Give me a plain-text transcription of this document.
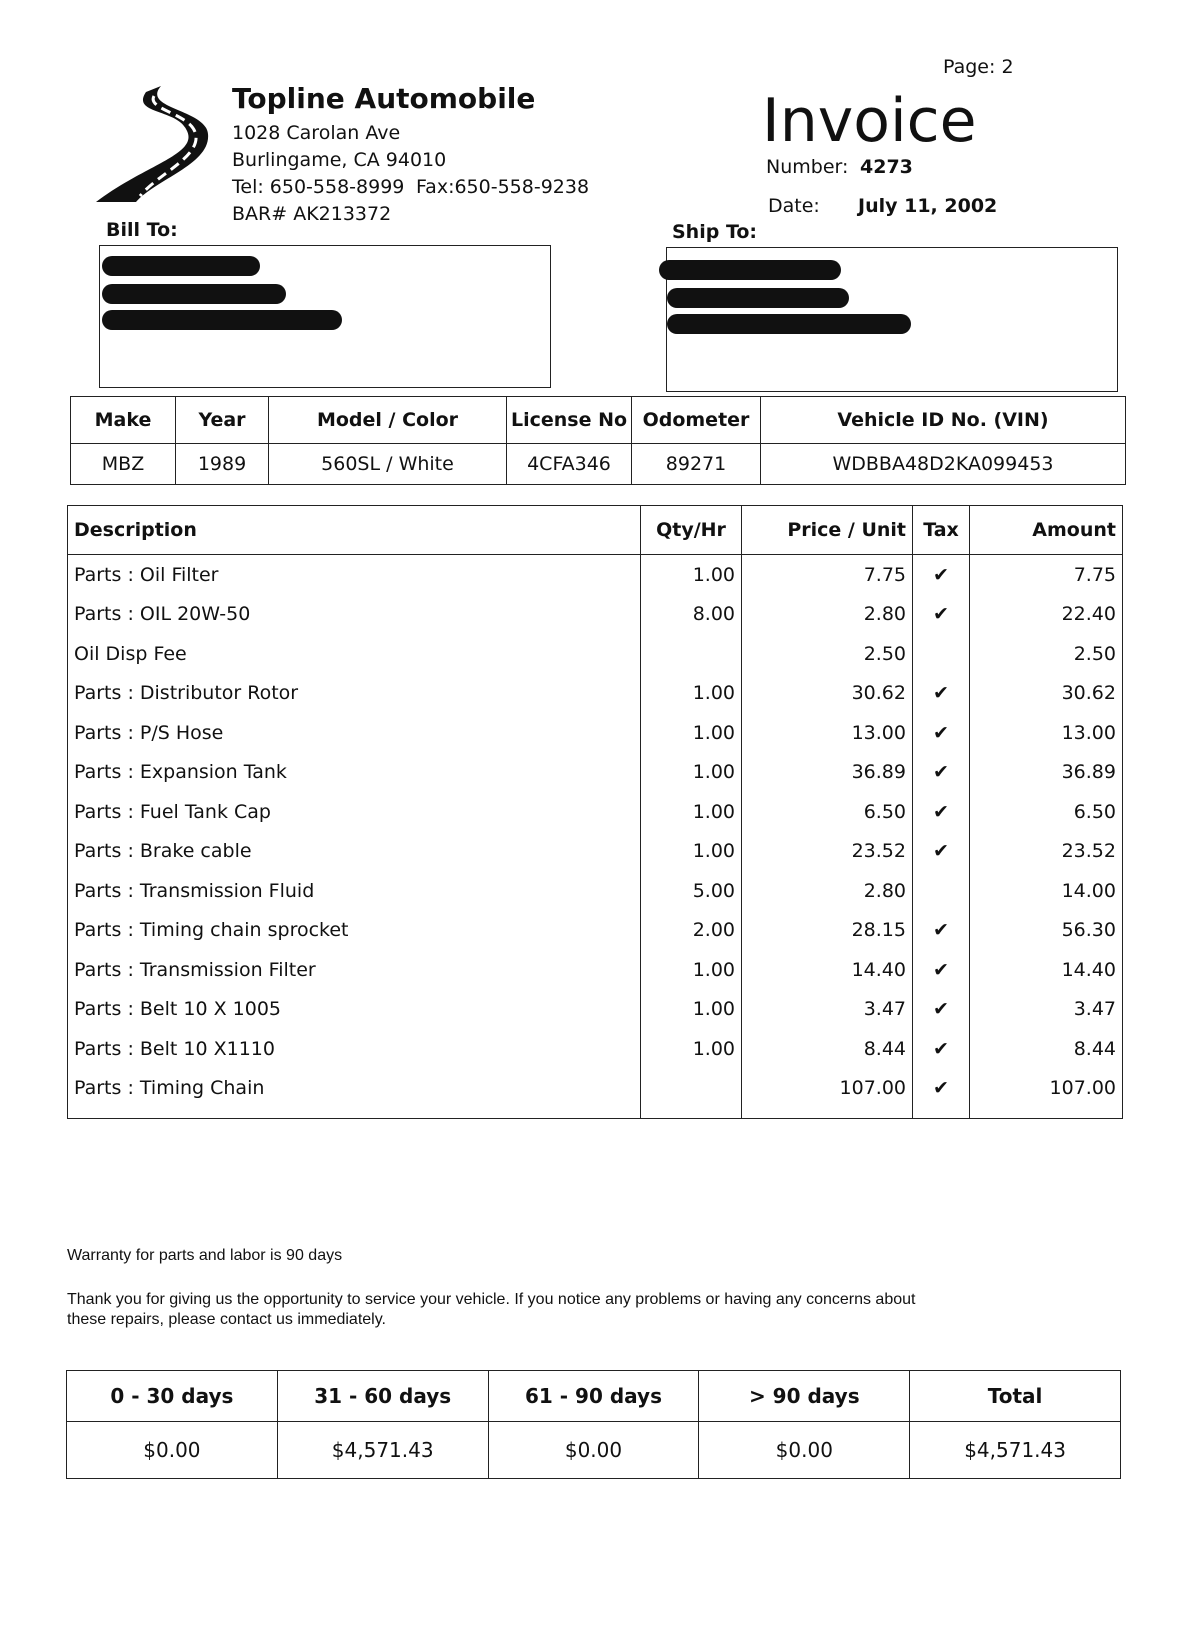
Topline Automobile
1028 Carolan Ave
Burlingame, CA 94010
Tel: 650-558-8999 Fax:650-558-9238
BAR# AK213372
Page: 2
Invoice
Number: 4273
Date: July 11, 2002
Bill To:	Ship To:
Make	Year	Model / Color	License No	Odometer	Vehicle ID No. (VIN)
MBZ	1989	560SL / White	4CFA346	89271	WDBBA48D2KA099453
Description	Qty/Hr	Price / Unit	Tax	Amount
Parts : Oil Filter	1.00	7.75	✔	7.75
Parts : OIL 20W-50	8.00	2.80	✔	22.40
Oil Disp Fee		2.50		2.50
Parts : Distributor Rotor	1.00	30.62	✔	30.62
Parts : P/S Hose	1.00	13.00	✔	13.00
Parts : Expansion Tank	1.00	36.89	✔	36.89
Parts : Fuel Tank Cap	1.00	6.50	✔	6.50
Parts : Brake cable	1.00	23.52	✔	23.52
Parts : Transmission Fluid	5.00	2.80		14.00
Parts : Timing chain sprocket	2.00	28.15	✔	56.30
Parts : Transmission Filter	1.00	14.40	✔	14.40
Parts : Belt 10 X 1005	1.00	3.47	✔	3.47
Parts : Belt 10 X1110	1.00	8.44	✔	8.44
Parts : Timing Chain		107.00	✔	107.00

Warranty for parts and labor is 90 days
Thank you for giving us the opportunity to service your vehicle. If you notice any problems or having any concerns about
these repairs, please contact us immediately.
0 - 30 days	31 - 60 days	61 - 90 days	> 90 days	Total
$0.00	$4,571.43	$0.00	$0.00	$4,571.43
